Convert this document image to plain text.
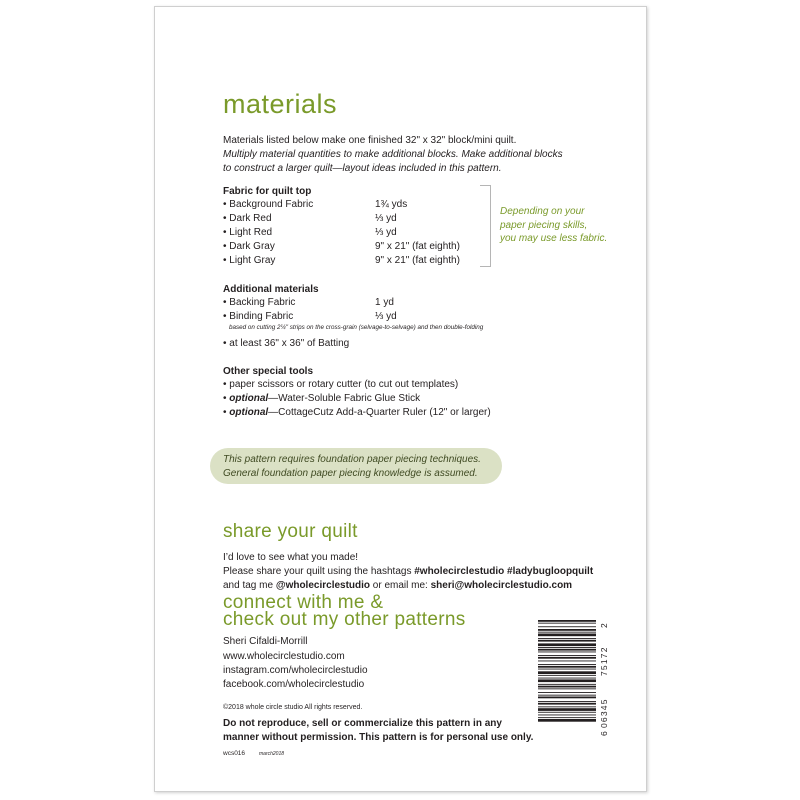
materials
Materials listed below make one finished 32" x 32" block/mini quilt.
Multiply material quantities to make additional blocks. Make additional blocks
to construct a larger quilt—layout ideas included in this pattern.
Fabric for quilt top
• Background Fabric	1¾ yds
• Dark Red	⅓ yd
• Light Red	⅓ yd
• Dark Gray	9" x 21" (fat eighth)
• Light Gray	9" x 21" (fat eighth)
Depending on your
paper piecing skills,
you may use less fabric.
Additional materials
• Backing Fabric	1 yd
• Binding Fabric	⅓ yd
based on cutting 2¼" strips on the cross-grain (selvage-to-selvage) and then double-folding
• at least 36" x 36" of Batting
Other special tools
• paper scissors or rotary cutter (to cut out templates)
• optional—Water-Soluble Fabric Glue Stick
• optional—CottageCutz Add-a-Quarter Ruler (12" or larger)
This pattern requires foundation paper piecing techniques.
General foundation paper piecing knowledge is assumed.
share your quilt
I’d love to see what you made!
Please share your quilt using the hashtags #wholecirclestudio #ladybugloopquilt
and tag me @wholecirclestudio or email me: sheri@wholecirclestudio.com
connect with me &
check out my other patterns
Sheri Cifaldi-Morrill
www.wholecirclestudio.com
instagram.com/wholecirclestudio
facebook.com/wholecirclestudio
©2018 whole circle studio All rights reserved.
Do not reproduce, sell or commercialize this pattern in any
manner without permission. This pattern is for personal use only.
wcs016	march2018
6
06345
75172
2
